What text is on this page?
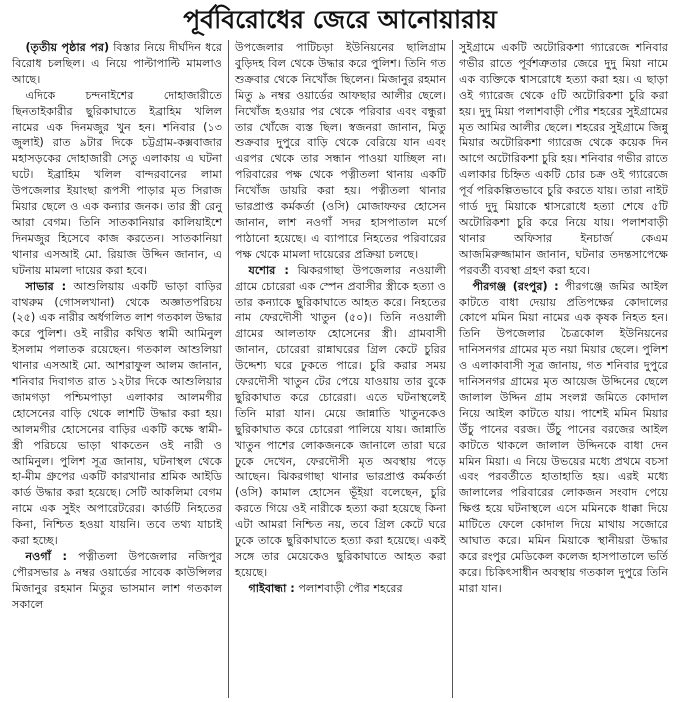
পূর্ববিরোধের জেরে আনোয়ারায়

(তৃতীয় পৃষ্ঠার পর) বিস্তার নিয়ে দীর্ঘদিন ধরে বিরোধ চলছিল। এ নিয়ে পাল্টাপাল্টি মামলাও আছে।

এদিকে চন্দনাইশের দোহাজারীতে ছিনতাইকারীর ছুরিকাঘাতে ইব্রাহিম খলিল নামের এক দিনমজুর খুন হন। শনিবার (১৩ জুলাই) রাত ৯টার দিকে চট্টগ্রাম-কক্সবাজার মহাসড়কের দোহাজারী সেতু এলাকায় এ ঘটনা ঘটে। ইব্রাহিম খলিল বান্দরবানের লামা উপজেলার ইয়াংছা রূপসী পাড়ার মৃত সিরাজ মিয়ার ছেলে ও এক কন্যার জনক। তার স্ত্রী রেনু আরা বেগম। তিনি সাতকানিয়ার কালিয়াইশে দিনমজুর হিসেবে কাজ করতেন। সাতকানিয়া থানার এসআই মো. রিয়াজ উদ্দিন জানান, এ ঘটনায় মামলা দায়ের করা হবে।

সাভার : আশুলিয়ায় একটি ভাড়া বাড়ির বাথরুম (গোসলখানা) থেকে অজ্ঞাতপরিচয় (২৫) এক নারীর অর্ধগলিত লাশ গতকাল উদ্ধার করে পুলিশ। ওই নারীর কথিত স্বামী আমিনুল ইসলাম পলাতক রয়েছেন। গতকাল আশুলিয়া থানার এসআই মো. আশরাফুল আলম জানান, শনিবার দিবাগত রাত ১২টার দিকে আশুলিয়ার জামগড়া পশ্চিমপাড়া এলাকার আলমগীর হোসেনের বাড়ি থেকে লাশটি উদ্ধার করা হয়। আলমগীর হোসেনের বাড়ির একটি কক্ষে স্বামী-স্ত্রী পরিচয়ে ভাড়া থাকতেন ওই নারী ও আমিনুল। পুলিশ সূত্র জানায়, ঘটনাস্থল থেকে হা-মীম গ্রুপের একটি কারখানার শ্রমিক আইডি কার্ড উদ্ধার করা হয়েছে। সেটি আকলিমা বেগম নামে এক সুইং অপারেটরের। কার্ডটি নিহতের কিনা, নিশ্চিত হওয়া যায়নি। তবে তথ্য যাচাই করা হচ্ছে।

নওগাঁ : পত্নীতলা উপজেলার নজিপুর পৌরসভার ৯ নম্বর ওয়ার্ডের সাবেক কাউন্সিলর মিজানুর রহমান মিতুর ভাসমান লাশ গতকাল সকালে

উপজেলার পাটিচড়া ইউনিয়নের ছালিগ্রাম বুড়িদহ বিল থেকে উদ্ধার করে পুলিশ। তিনি গত শুক্রবার থেকে নিখোঁজ ছিলেন। মিজানুর রহমান মিতু ৯ নম্বর ওয়ার্ডের আফছার আলীর ছেলে। নিখোঁজ হওয়ার পর থেকে পরিবার এবং বন্ধুরা তার খোঁজে ব্যস্ত ছিল। স্বজনরা জানান, মিতু শুক্রবার দুপুরে বাড়ি থেকে বেরিয়ে যান এবং এরপর থেকে তার সন্ধান পাওয়া যাচ্ছিল না। পরিবারের পক্ষ থেকে পত্নীতলা থানায় একটি নিখোঁজ ডায়রি করা হয়। পত্নীতলা থানার ভারপ্রাপ্ত কর্মকর্তা (ওসি) মোজাফফর হোসেন জানান, লাশ নওগাঁ সদর হাসপাতাল মর্গে পাঠানো হয়েছে। এ ব্যাপারে নিহতের পরিবারের পক্ষ থেকে মামলা দায়েরের প্রক্রিয়া চলছে।

যশোর : ঝিকরগাছা উপজেলার নওয়ালী গ্রামে চোরেরা এক স্পেন প্রবাসীর স্ত্রীকে হত্যা ও তার কন্যাকে ছুরিকাঘাতে আহত করে। নিহতের নাম ফেরদৌসী খাতুন (৫০)। তিনি নওয়ালী গ্রামের আলতাফ হোসেনের স্ত্রী। গ্রামবাসী জানান, চোরেরা রান্নাঘরের গ্রিল কেটে চুরির উদ্দেশ্য ঘরে ঢুকতে পারে। চুরি করার সময় ফেরদৌসী খাতুন টের পেয়ে যাওয়ায় তার বুকে ছুরিকাঘাত করে চোরেরা। এতে ঘটনাস্থলেই তিনি মারা যান। মেয়ে জান্নাতি খাতুনকেও ছুরিকাঘাত করে চোরেরা পালিয়ে যায়। জান্নাতি খাতুন পাশের লোকজনকে জানালে তারা ঘরে ঢুকে দেখেন, ফেরদৌসী মৃত অবস্থায় পড়ে আছেন। ঝিকরগাছা থানার ভারপ্রাপ্ত কর্মকর্তা (ওসি) কামাল হোসেন ভূঁইয়া বলেছেন, চুরি করতে গিয়ে ওই নারীকে হত্যা করা হয়েছে কিনা এটা আমরা নিশ্চিত নয়, তবে গ্রিল কেটে ঘরে ঢুকে তাকে ছুরিকাঘাতে হত্যা করা হয়েছে। একই সঙ্গে তার মেয়েকেও ছুরিকাঘাতে আহত করা হয়েছে।

গাইবান্ধা : পলাশবাড়ী পৌর শহরের

সুইগ্রামে একটি অটোরিকশা গ্যারেজে শনিবার গভীর রাতে পূর্বশত্রুতার জেরে দুদু মিয়া নামে এক ব্যক্তিকে শ্বাসরোধে হত্যা করা হয়। এ ছাড়া ওই গ্যারেজ থেকে ৫টি অটোরিকশা চুরি করা হয়। দুদু মিয়া পলাশবাড়ী পৌর শহরের সুইগ্রামের মৃত আমির আলীর ছেলে। শহরের সুইগ্রামে জিন্নু মিয়ার অটোরিকশা গ্যারেজ থেকে কয়েক দিন আগে অটোরিকশা চুরি হয়। শনিবার গভীর রাতে এলাকার চিহ্নিত একটি চোর চক্র ওই গ্যারেজে পূর্ব পরিকল্পিতভাবে চুরি করতে যায়। তারা নাইট গার্ড দুদু মিয়াকে শ্বাসরোধে হত্যা শেষে ৫টি অটোরিকশা চুরি করে নিয়ে যায়। পলাশবাড়ী থানার অফিসার ইনচার্জ কেএম আজমিরুজ্জামান জানান, ঘটনার তদন্তসাপেক্ষে পরবর্তী ব্যবস্থা গ্রহণ করা হবে।

পীরগঞ্জ (রংপুর) : পীরগঞ্জে জমির আইল কাটতে বাধা দেয়ায় প্রতিপক্ষের কোদালের কোপে মমিন মিয়া নামের এক কৃষক নিহত হন। তিনি উপজেলার চৈত্রকোল ইউনিয়নের দানিসনগর গ্রামের মৃত নয়া মিয়ার ছেলে। পুলিশ ও এলাকাবাসী সূত্র জানায়, গত শনিবার দুপুরে দানিসনগর গ্রামের মৃত আয়েজ উদ্দিনের ছেলে জালাল উদ্দিন গ্রাম সংলগ্ন জমিতে কোদাল নিয়ে আইল কাটতে যায়। পাশেই মমিন মিয়ার উঁচু পানের বরজ। উঁচু পানের বরজের আইল কাটতে থাকলে জালাল উদ্দিনকে বাধা দেন মমিন মিয়া। এ নিয়ে উভয়ের মধ্যে প্রথমে বচসা এবং পরবর্তীতে হাতাহাতি হয়। এরই মধ্যে জালালের পরিবারের লোকজন সংবাদ পেয়ে ক্ষিপ্ত হয়ে ঘটনাস্থলে এসে মমিনকে ধাক্কা দিয়ে মাটিতে ফেলে কোদাল দিয়ে মাথায় সজোরে আঘাত করে। মমিন মিয়াকে স্থানীয়রা উদ্ধার করে রংপুর মেডিকেল কলেজ হাসপাতালে ভর্তি করে। চিকিৎসাধীন অবস্থায় গতকাল দুপুরে তিনি মারা যান।
